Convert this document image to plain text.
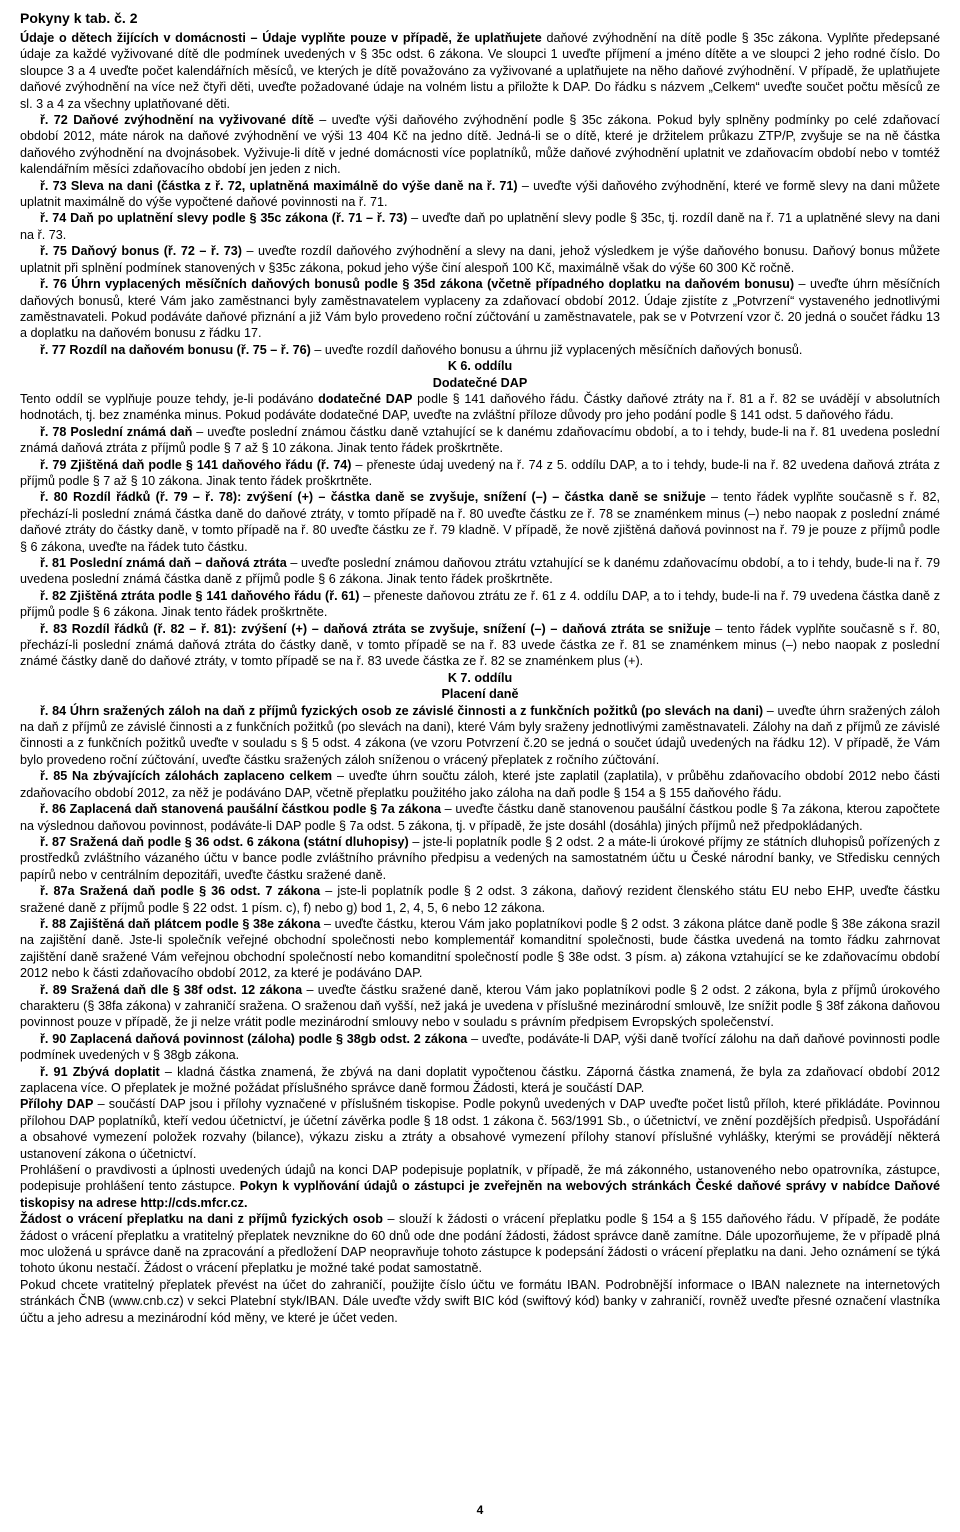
Pokyny k tab. č. 2

Údaje o dětech žijících v domácnosti – Údaje vyplňte pouze v případě, že uplatňujete daňové zvýhodnění na dítě podle § 35c zákona. Vyplňte předepsané údaje za každé vyživované dítě dle podmínek uvedených v § 35c odst. 6 zákona. Ve sloupci 1 uveďte příjmení a jméno dítěte a ve sloupci 2 jeho rodné číslo. Do sloupce 3 a 4 uveďte počet kalendářních měsíců, ve kterých je dítě považováno za vyživované a uplatňujete na něho daňové zvýhodnění. V případě, že uplatňujete daňové zvýhodnění na více než čtyři děti, uveďte požadované údaje na volném listu a přiložte k DAP. Do řádku s názvem „Celkem“ uveďte součet počtu měsíců ze sl. 3 a 4 za všechny uplatňované děti.

ř. 72 Daňové zvýhodnění na vyživované dítě – uveďte výši daňového zvýhodnění podle § 35c zákona. Pokud byly splněny podmínky po celé zdaňovací období 2012, máte nárok na daňové zvýhodnění ve výši 13 404 Kč na jedno dítě. Jedná-li se o dítě, které je držitelem průkazu ZTP/P, zvyšuje se na ně částka daňového zvýhodnění na dvojnásobek. Vyživuje-li dítě v jedné domácnosti více poplatníků, může daňové zvýhodnění uplatnit ve zdaňovacím období nebo v tomtéž kalendářním měsíci zdaňovacího období jen jeden z nich.

ř. 73 Sleva na dani (částka z ř. 72, uplatněná maximálně do výše daně na ř. 71) – uveďte výši daňového zvýhodnění, které ve formě slevy na dani můžete uplatnit maximálně do výše vypočtené daňové povinnosti na ř. 71.

ř. 74 Daň po uplatnění slevy podle § 35c zákona (ř. 71 – ř. 73) – uveďte daň po uplatnění slevy podle § 35c, tj. rozdíl daně na ř. 71 a uplatněné slevy na dani na ř. 73.

ř. 75 Daňový bonus (ř. 72 – ř. 73) – uveďte rozdíl daňového zvýhodnění a slevy na dani, jehož výsledkem je výše daňového bonusu. Daňový bonus můžete uplatnit při splnění podmínek stanovených v §35c zákona, pokud jeho výše činí alespoň 100 Kč, maximálně však do výše 60 300 Kč ročně.

ř. 76 Úhrn vyplacených měsíčních daňových bonusů podle § 35d zákona (včetně případného doplatku na daňovém bonusu) – uveďte úhrn měsíčních daňových bonusů, které Vám jako zaměstnanci byly zaměstnavatelem vyplaceny za zdaňovací období 2012. Údaje zjistíte z „Potvrzení“ vystaveného jednotlivými zaměstnavateli. Pokud podáváte daňové přiznání a již Vám bylo provedeno roční zúčtování u zaměstnavatele, pak se v Potvrzení vzor č. 20 jedná o součet řádku 13 a doplatku na daňovém bonusu z řádku 17.

ř. 77 Rozdíl na daňovém bonusu (ř. 75 – ř. 76) – uveďte rozdíl daňového bonusu a úhrnu již vyplacených měsíčních daňových bonusů.

K 6. oddílu

Dodatečné DAP

Tento oddíl se vyplňuje pouze tehdy, je-li podáváno dodatečné DAP podle § 141 daňového řádu. Částky daňové ztráty na ř. 81 a ř. 82 se uvádějí v absolutních hodnotách, tj. bez znaménka minus. Pokud podáváte dodatečné DAP, uveďte na zvláštní příloze důvody pro jeho podání podle § 141 odst. 5 daňového řádu.

ř. 78 Poslední známá daň – uveďte poslední známou částku daně vztahující se k danému zdaňovacímu období, a to i tehdy, bude-li na ř. 81 uvedena poslední známá daňová ztráta z příjmů podle § 7 až § 10 zákona. Jinak tento řádek proškrtněte.

ř. 79 Zjištěná daň podle § 141 daňového řádu (ř. 74) – přeneste údaj uvedený na ř. 74 z 5. oddílu DAP, a to i tehdy, bude-li na ř. 82 uvedena daňová ztráta z příjmů podle § 7 až § 10 zákona. Jinak tento řádek proškrtněte.

ř. 80 Rozdíl řádků (ř. 79 – ř. 78): zvýšení (+) – částka daně se zvyšuje, snížení (–) – částka daně se snižuje – tento řádek vyplňte současně s ř. 82, přechází-li poslední známá částka daně do daňové ztráty, v tomto případě na ř. 80 uveďte částku ze ř. 78 se znaménkem minus (–) nebo naopak z poslední známé daňové ztráty do částky daně, v tomto případě na ř. 80 uveďte částku ze ř. 79 kladně. V případě, že nově zjištěná daňová povinnost na ř. 79 je pouze z příjmů podle § 6 zákona, uveďte na řádek tuto částku.

ř. 81 Poslední známá daň – daňová ztráta – uveďte poslední známou daňovou ztrátu vztahující se k danému zdaňovacímu období, a to i tehdy, bude-li na ř. 79 uvedena poslední známá částka daně z příjmů podle § 6 zákona. Jinak tento řádek proškrtněte.

ř. 82 Zjištěná ztráta podle § 141 daňového řádu (ř. 61) – přeneste daňovou ztrátu ze ř. 61 z 4. oddílu DAP, a to i tehdy, bude-li na ř. 79 uvedena částka daně z příjmů podle § 6 zákona. Jinak tento řádek proškrtněte.

ř. 83 Rozdíl řádků (ř. 82 – ř. 81): zvýšení (+) – daňová ztráta se zvyšuje, snížení (–) – daňová ztráta se snižuje – tento řádek vyplňte současně s ř. 80, přechází-li poslední známá daňová ztráta do částky daně, v tomto případě se na ř. 83 uvede částka ze ř. 81 se znaménkem minus (–) nebo naopak z poslední známé částky daně do daňové ztráty, v tomto případě se na ř. 83 uvede částka ze ř. 82 se znaménkem plus (+).

K 7. oddílu

Placení daně

ř. 84 Úhrn sražených záloh na daň z příjmů fyzických osob ze závislé činnosti a z funkčních požitků (po slevách na dani) – uveďte úhrn sražených záloh na daň z příjmů ze závislé činnosti a z funkčních požitků (po slevách na dani), které Vám byly sraženy jednotlivými zaměstnavateli. Zálohy na daň z příjmů ze závislé činnosti a z funkčních požitků uveďte v souladu s § 5 odst. 4 zákona (ve vzoru Potvrzení č.20 se jedná o součet údajů uvedených na řádku 12). V případě, že Vám bylo provedeno roční zúčtování, uveďte částku sražených záloh sníženou o vrácený přeplatek z ročního zúčtování.

ř. 85 Na zbývajících zálohách zaplaceno celkem – uveďte úhrn součtu záloh, které jste zaplatil (zaplatila), v průběhu zdaňovacího období 2012 nebo části zdaňovacího období 2012, za něž je podáváno DAP, včetně přeplatku použitého jako záloha na daň podle § 154 a § 155 daňového řádu.

ř. 86 Zaplacená daň stanovená paušální částkou podle § 7a zákona – uveďte částku daně stanovenou paušální částkou podle § 7a zákona, kterou započtete na výslednou daňovou povinnost, podáváte-li DAP podle § 7a odst. 5 zákona, tj. v případě, že jste dosáhl (dosáhla) jiných příjmů než předpokládaných.

ř. 87 Sražená daň podle § 36 odst. 6 zákona (státní dluhopisy) – jste-li poplatník podle § 2 odst. 2 a máte-li úrokové příjmy ze státních dluhopisů pořízených z prostředků zvláštního vázaného účtu v bance podle zvláštního právního předpisu a vedených na samostatném účtu u České národní banky, ve Středisku cenných papírů nebo v centrálním depozitáři, uveďte částku sražené daně.

ř. 87a Sražená daň podle § 36 odst. 7 zákona – jste-li poplatník podle § 2 odst. 3 zákona, daňový rezident členského státu EU nebo EHP, uveďte částku sražené daně z příjmů podle § 22 odst. 1 písm. c), f) nebo g) bod 1, 2, 4, 5, 6 nebo 12 zákona.

ř. 88 Zajištěná daň plátcem podle § 38e zákona – uveďte částku, kterou Vám jako poplatníkovi podle § 2 odst. 3 zákona plátce daně podle § 38e zákona srazil na zajištění daně. Jste-li společník veřejné obchodní společnosti nebo komplementář komanditní společnosti, bude částka uvedená na tomto řádku zahrnovat zajištění daně sražené Vám veřejnou obchodní společností nebo komanditní společností podle § 38e odst. 3 písm. a) zákona vztahující se ke zdaňovacímu období 2012 nebo k části zdaňovacího období 2012, za které je podáváno DAP.

ř. 89 Sražená daň dle § 38f odst. 12 zákona – uveďte částku sražené daně, kterou Vám jako poplatníkovi podle § 2 odst. 2 zákona, byla z příjmů úrokového charakteru (§ 38fa zákona) v zahraničí sražena. O sraženou daň vyšší, než jaká je uvedena v příslušné mezinárodní smlouvě, lze snížit podle § 38f zákona daňovou povinnost pouze v případě, že ji nelze vrátit podle mezinárodní smlouvy nebo v souladu s právním předpisem Evropských společenství.

ř. 90 Zaplacená daňová povinnost (záloha) podle § 38gb odst. 2 zákona – uveďte, podáváte-li DAP, výši daně tvořící zálohu na daň daňové povinnosti podle podmínek uvedených v § 38gb zákona.

ř. 91 Zbývá doplatit – kladná částka znamená, že zbývá na dani doplatit vypočtenou částku. Záporná částka znamená, že byla za zdaňovací období 2012 zaplacena více. O přeplatek je možné požádat příslušného správce daně formou Žádosti, která je součástí DAP.

Přílohy DAP – součástí DAP jsou i přílohy vyznačené v příslušném tiskopise. Podle pokynů uvedených v DAP uveďte počet listů příloh, které přikládáte. Povinnou přílohou DAP poplatníků, kteří vedou účetnictví, je účetní závěrka podle § 18 odst. 1 zákona č. 563/1991 Sb., o účetnictví, ve znění pozdějších předpisů. Uspořádání a obsahové vymezení položek rozvahy (bilance), výkazu zisku a ztráty a obsahové vymezení přílohy stanoví příslušné vyhlášky, kterými se provádějí některá ustanovení zákona o účetnictví.

Prohlášení o pravdivosti a úplnosti uvedených údajů na konci DAP podepisuje poplatník, v případě, že má zákonného, ustanoveného nebo opatrovníka, zástupce, podepisuje prohlášení tento zástupce. Pokyn k vyplňování údajů o zástupci je zveřejněn na webových stránkách České daňové správy v nabídce Daňové tiskopisy na adrese http://cds.mfcr.cz.

Žádost o vrácení přeplatku na dani z příjmů fyzických osob – slouží k žádosti o vrácení přeplatku podle § 154 a § 155 daňového řádu. V případě, že podáte žádost o vrácení přeplatku a vratitelný přeplatek nevznikne do 60 dnů ode dne podání žádosti, žádost správce daně zamítne. Dále upozorňujeme, že v případě plná moc uložená u správce daně na zpracování a předložení DAP neopravňuje tohoto zástupce k podepsání žádosti o vrácení přeplatku na dani. Jeho oznámení se týká tohoto úkonu nestačí. Žádost o vrácení přeplatku je možné také podat samostatně.

Pokud chcete vratitelný přeplatek převést na účet do zahraničí, použijte číslo účtu ve formátu IBAN. Podrobnější informace o IBAN naleznete na internetových stránkách ČNB (www.cnb.cz) v sekci Platební styk/IBAN. Dále uveďte vždy swift BIC kód (swiftový kód) banky v zahraničí, rovněž uveďte přesné označení vlastníka účtu a jeho adresu a mezinárodní kód měny, ve které je účet veden.

4
